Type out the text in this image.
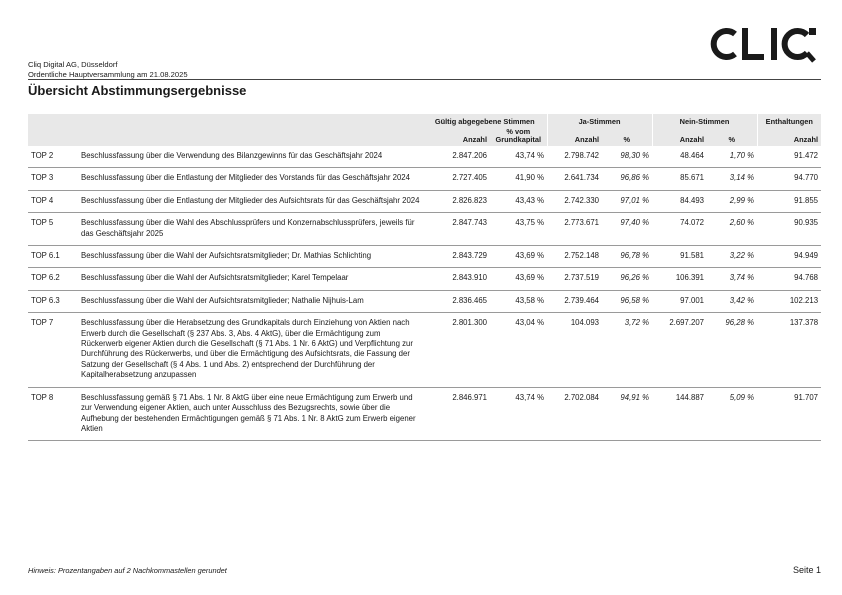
Cliq Digital AG, Düsseldorf
Ordentliche Hauptversammlung am 21.08.2025
Übersicht Abstimmungsergebnisse
		Gültig abgegebene Stimmen		Ja-Stimmen		Nein-Stimmen		Enthaltungen
		Anzahl	% vom Grundkapital	Anzahl	%	Anzahl	%	Anzahl
TOP 2	Beschlussfassung über die Verwendung des Bilanzgewinns für das Geschäftsjahr 2024	2.847.206	43,74 %	2.798.742	98,30 %	48.464	1,70 %	91.472
TOP 3	Beschlussfassung über die Entlastung der Mitglieder des Vorstands für das Geschäftsjahr 2024	2.727.405	41,90 %	2.641.734	96,86 %	85.671	3,14 %	94.770
TOP 4	Beschlussfassung über die Entlastung der Mitglieder des Aufsichtsrats für das Geschäftsjahr 2024	2.826.823	43,43 %	2.742.330	97,01 %	84.493	2,99 %	91.855
TOP 5	Beschlussfassung über die Wahl des Abschlussprüfers und Konzernabschlussprüfers, jeweils für das Geschäftsjahr 2025	2.847.743	43,75 %	2.773.671	97,40 %	74.072	2,60 %	90.935
TOP 6.1	Beschlussfassung über die Wahl der Aufsichtsratsmitglieder; Dr. Mathias Schlichting	2.843.729	43,69 %	2.752.148	96,78 %	91.581	3,22 %	94.949
TOP 6.2	Beschlussfassung über die Wahl der Aufsichtsratsmitglieder; Karel Tempelaar	2.843.910	43,69 %	2.737.519	96,26 %	106.391	3,74 %	94.768
TOP 6.3	Beschlussfassung über die Wahl der Aufsichtsratsmitglieder; Nathalie Nijhuis-Lam	2.836.465	43,58 %	2.739.464	96,58 %	97.001	3,42 %	102.213
TOP 7	Beschlussfassung über die Herabsetzung des Grundkapitals durch Einziehung von Aktien nach Erwerb durch die Gesellschaft (§ 237 Abs. 3, Abs. 4 AktG), über die Ermächtigung zum Rückerwerb eigener Aktien durch die Gesellschaft (§ 71 Abs. 1 Nr. 6 AktG) und Verpflichtung zur Durchführung des Rückerwerbs, und über die Ermächtigung des Aufsichtsrats, die Fassung der Satzung der Gesellschaft (§ 4 Abs. 1 und Abs. 2) entsprechend der Durchführung der Kapitalherabsetzung anzupassen	2.801.300	43,04 %	104.093	3,72 %	2.697.207	96,28 %	137.378
TOP 8	Beschlussfassung gemäß § 71 Abs. 1 Nr. 8 AktG über eine neue Ermächtigung zum Erwerb und zur Verwendung eigener Aktien, auch unter Ausschluss des Bezugsrechts, sowie über die Aufhebung der bestehenden Ermächtigungen gemäß § 71 Abs. 1 Nr. 8 AktG zum Erwerb eigener Aktien	2.846.971	43,74 %	2.702.084	94,91 %	144.887	5,09 %	91.707
Hinweis: Prozentangaben auf 2 Nachkommastellen gerundet	Seite 1
